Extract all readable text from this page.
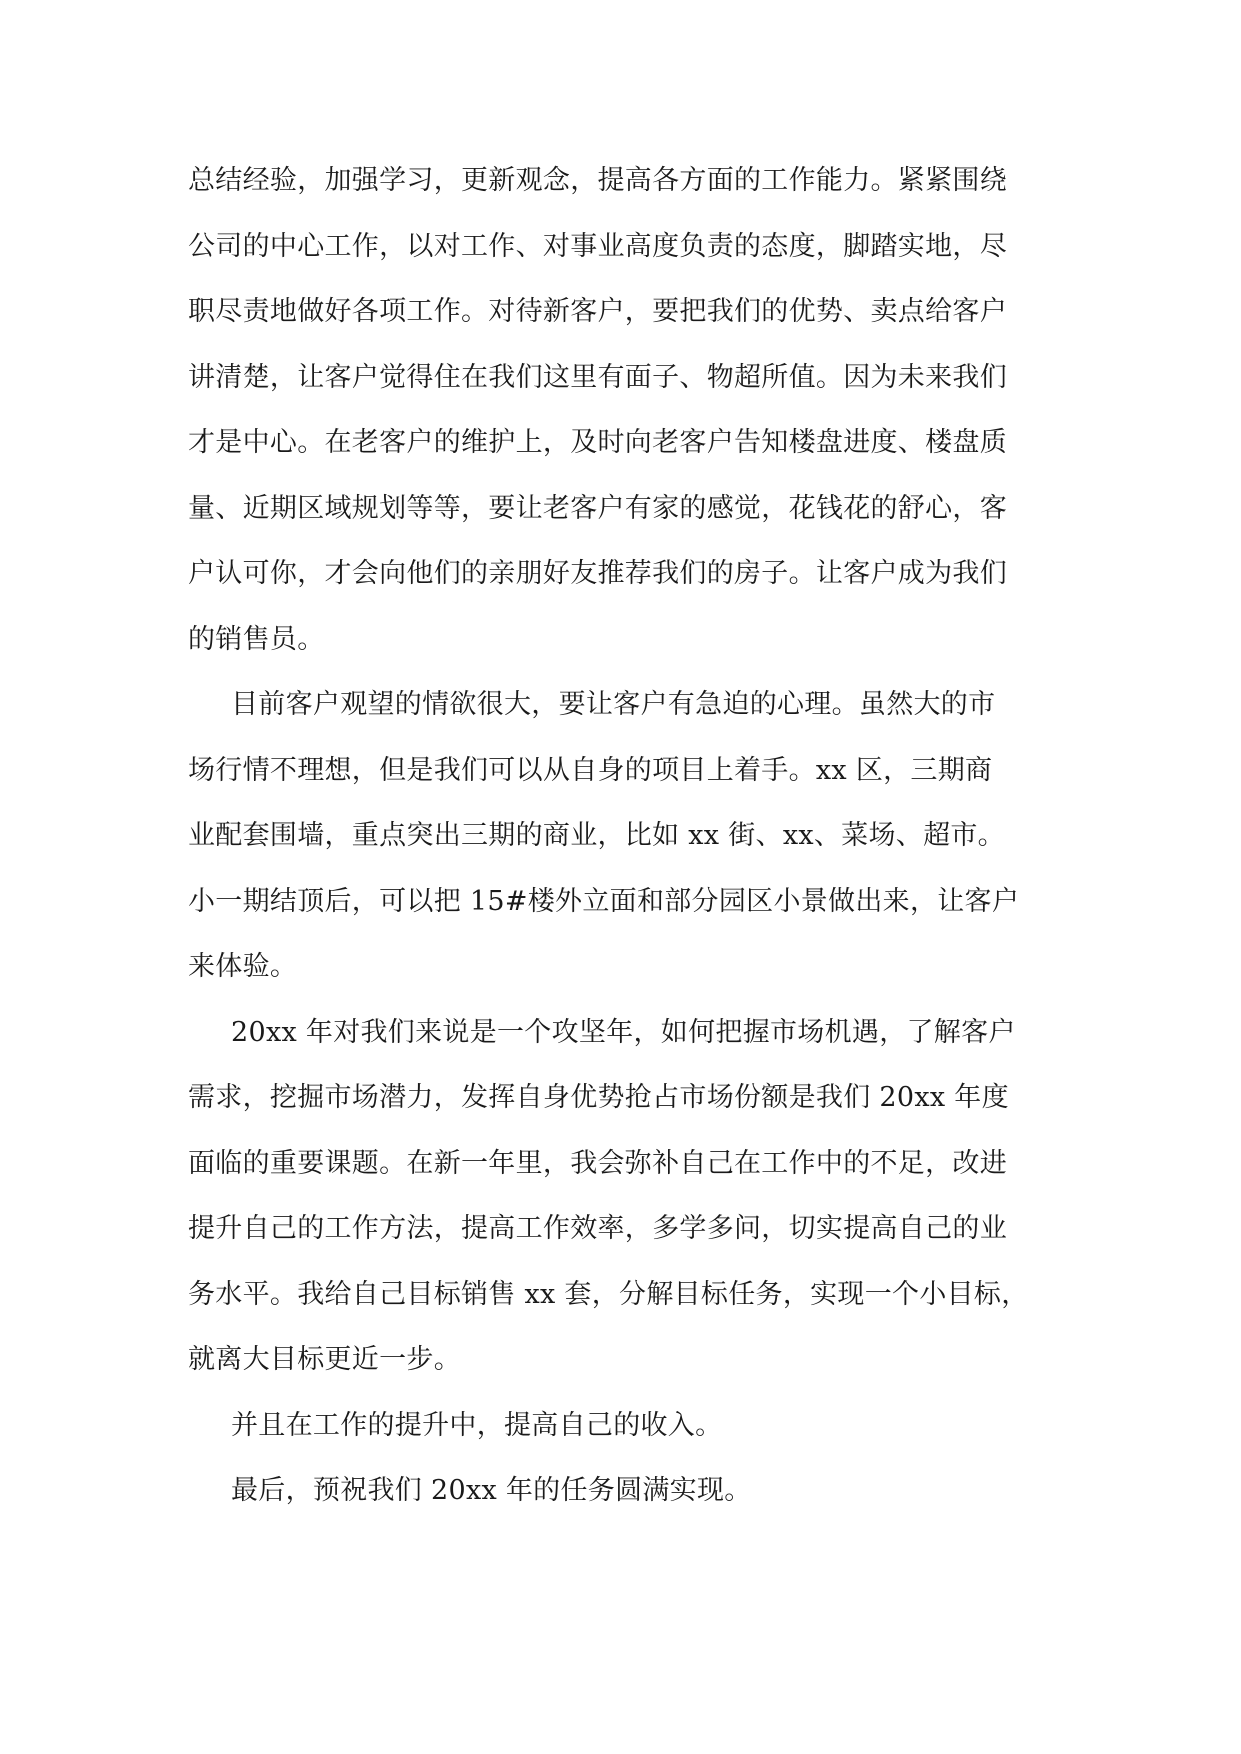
总结经验，加强学习，更新观念，提高各方面的工作能力。紧紧围绕
公司的中心工作，以对工作、对事业高度负责的态度，脚踏实地，尽
职尽责地做好各项工作。对待新客户，要把我们的优势、卖点给客户
讲清楚，让客户觉得住在我们这里有面子、物超所值。因为未来我们
才是中心。在老客户的维护上，及时向老客户告知楼盘进度、楼盘质
量、近期区域规划等等，要让老客户有家的感觉，花钱花的舒心，客
户认可你，才会向他们的亲朋好友推荐我们的房子。让客户成为我们
的销售员。
目前客户观望的情欲很大，要让客户有急迫的心理。虽然大的市
场行情不理想，但是我们可以从自身的项目上着手。xx 区，三期商
业配套围墙，重点突出三期的商业，比如 xx 街、xx、菜场、超市。
小一期结顶后，可以把 15#楼外立面和部分园区小景做出来，让客户
来体验。
20xx 年对我们来说是一个攻坚年，如何把握市场机遇，了解客户
需求，挖掘市场潜力，发挥自身优势抢占市场份额是我们 20xx 年度
面临的重要课题。在新一年里，我会弥补自己在工作中的不足，改进
提升自己的工作方法，提高工作效率，多学多问，切实提高自己的业
务水平。我给自己目标销售 xx 套，分解目标任务，实现一个小目标，
就离大目标更近一步。
并且在工作的提升中，提高自己的收入。
最后，预祝我们 20xx 年的任务圆满实现。
